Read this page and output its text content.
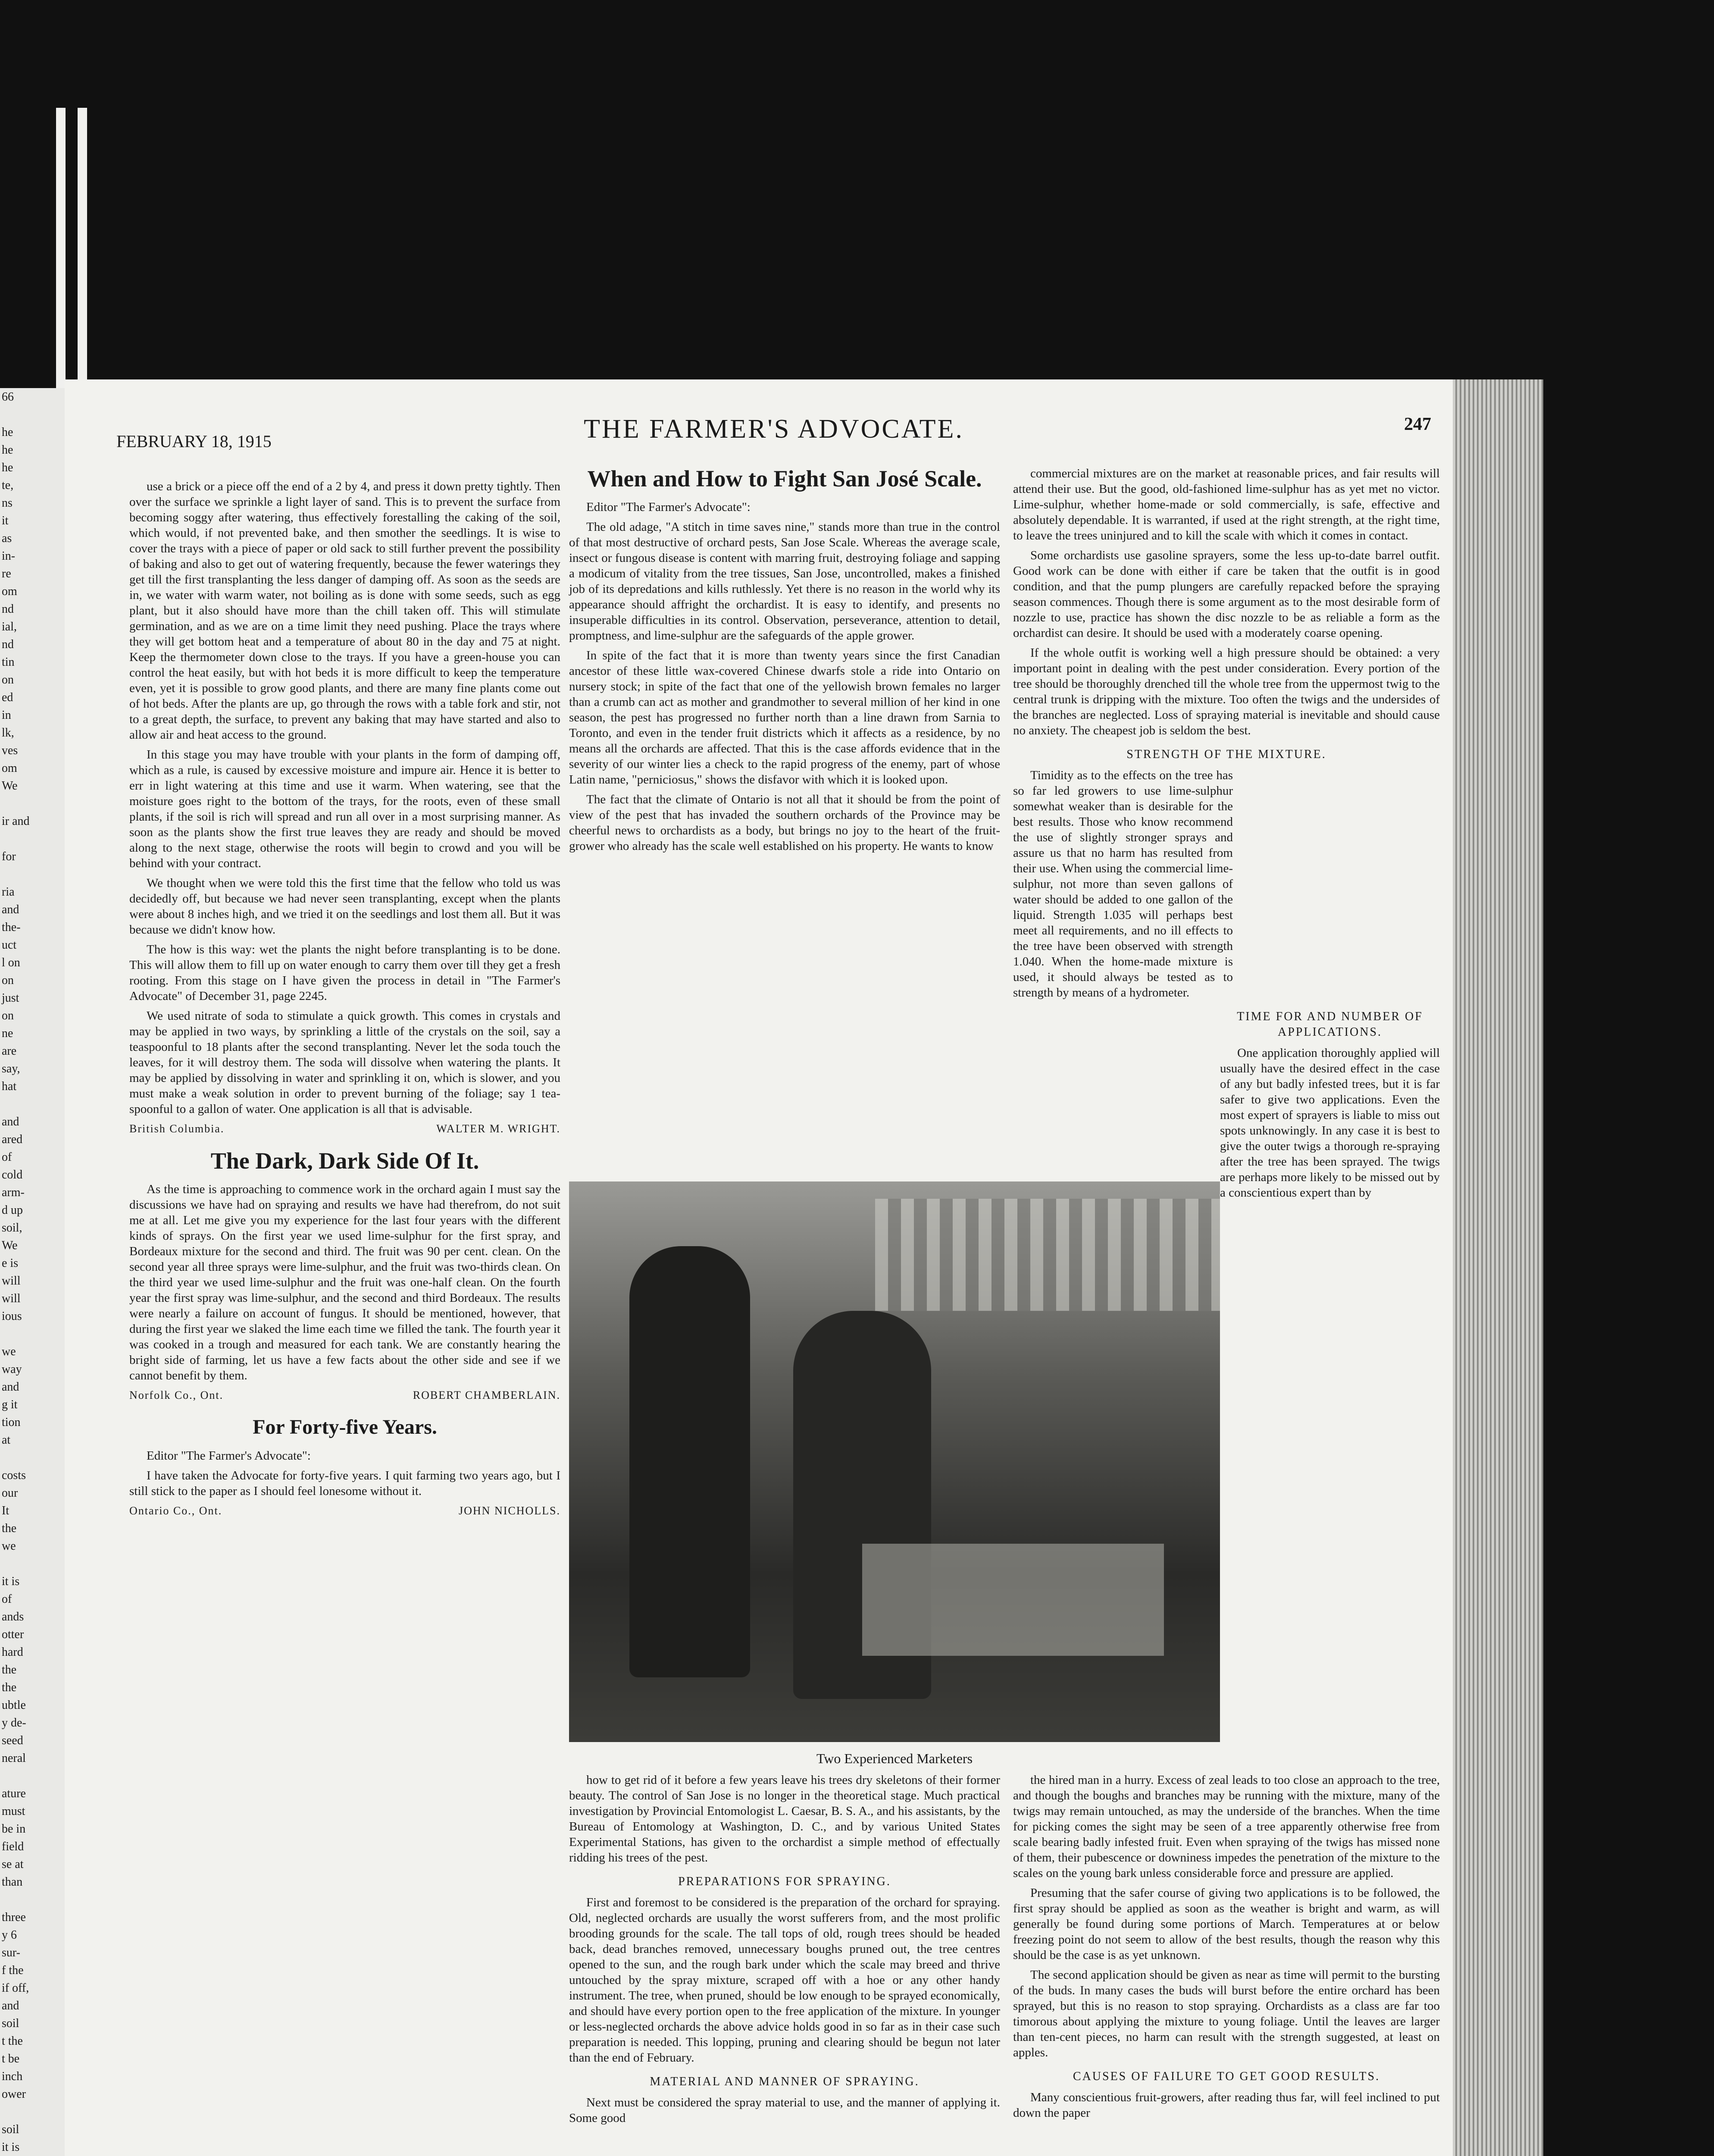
66

he
he
he
te,
ns
it
as
in-
re
om
nd
ial,
nd
tin
on
ed
in
lk,
ves
om
We

ir and

for

ria
and
the-
uct
l on
on
just
on
ne
are
say,
hat

and
ared
of
cold
arm-
d up
soil,
We
e is
will
will
ious

we
way
and
g it
tion
at

costs
our
It
the
we

it is
of
ands
otter
hard
the
the
ubtle
y de-
seed
neral

ature
must
be in
field
se at
than

three
y 6
sur-
f the
if off,
and
soil
t the
t be
inch
ower

soil
it is
FEBRUARY 18, 1915	THE FARMER'S ADVOCATE.	247

use a brick or a piece off the end of a 2 by 4, and press it down pretty tightly. Then over the surface we sprinkle a light layer of sand. This is to prevent the surface from becoming soggy after watering, thus effectively forestalling the caking of the soil, which would, if not prevented bake, and then smother the seedlings. It is wise to cover the trays with a piece of paper or old sack to still further prevent the possibility of baking and also to get out of watering frequently, because the fewer waterings they get till the first transplanting the less danger of damping off. As soon as the seeds are in, we water with warm water, not boiling as is done with some seeds, such as egg plant, but it also should have more than the chill taken off. This will stimulate germination, and as we are on a time limit they need pushing. Place the trays where they will get bottom heat and a temperature of about 80 in the day and 75 at night. Keep the thermometer down close to the trays. If you have a green-house you can control the heat easily, but with hot beds it is more difficult to keep the temperature even, yet it is possible to grow good plants, and there are many fine plants come out of hot beds. After the plants are up, go through the rows with a table fork and stir, not to a great depth, the surface, to prevent any baking that may have started and also to allow air and heat access to the ground.

In this stage you may have trouble with your plants in the form of damping off, which as a rule, is caused by excessive moisture and impure air. Hence it is better to err in light watering at this time and use it warm. When watering, see that the moisture goes right to the bottom of the trays, for the roots, even of these small plants, if the soil is rich will spread and run all over in a most surprising manner. As soon as the plants show the first true leaves they are ready and should be moved along to the next stage, otherwise the roots will begin to crowd and you will be behind with your contract.

We thought when we were told this the first time that the fellow who told us was decidedly off, but because we had never seen transplanting, except when the plants were about 8 inches high, and we tried it on the seedlings and lost them all. But it was because we didn't know how.

The how is this way: wet the plants the night before transplanting is to be done. This will allow them to fill up on water enough to carry them over till they get a fresh rooting. From this stage on I have given the process in detail in "The Farmer's Advocate" of December 31, page 2245.

We used nitrate of soda to stimulate a quick growth. This comes in crystals and may be applied in two ways, by sprinkling a little of the crystals on the soil, say a teaspoonful to 18 plants after the second transplanting. Never let the soda touch the leaves, for it will destroy them. The soda will dissolve when watering the plants. It may be applied by dissolving in water and sprinkling it on, which is slower, and you must make a weak solution in order to prevent burning of the foliage; say 1 tea-spoonful to a gallon of water. One application is all that is advisable.

British Columbia.	WALTER M. WRIGHT.
The Dark, Dark Side Of It.

As the time is approaching to commence work in the orchard again I must say the discussions we have had on spraying and results we have had therefrom, do not suit me at all. Let me give you my experience for the last four years with the different kinds of sprays. On the first year we used lime-sulphur for the first spray, and Bordeaux mixture for the second and third. The fruit was 90 per cent. clean. On the second year all three sprays were lime-sulphur, and the fruit was two-thirds clean. On the third year we used lime-sulphur and the fruit was one-half clean. On the fourth year the first spray was lime-sulphur, and the second and third Bordeaux. The results were nearly a failure on account of fungus. It should be mentioned, however, that during the first year we slaked the lime each time we filled the tank. The fourth year it was cooked in a trough and measured for each tank. We are constantly hearing the bright side of farming, let us have a few facts about the other side and see if we cannot benefit by them.

Norfolk Co., Ont.	ROBERT CHAMBERLAIN.
For Forty-five Years.

Editor "The Farmer's Advocate":

I have taken the Advocate for forty-five years. I quit farming two years ago, but I still stick to the paper as I should feel lonesome without it.

Ontario Co., Ont.	JOHN NICHOLLS.
When and How to Fight San José Scale.

Editor "The Farmer's Advocate":

The old adage, "A stitch in time saves nine," stands more than true in the control of that most destructive of orchard pests, San Jose Scale. Whereas the average scale, insect or fungous disease is content with marring fruit, destroying foliage and sapping a modicum of vitality from the tree tissues, San Jose, uncontrolled, makes a finished job of its depredations and kills ruthlessly. Yet there is no reason in the world why its appearance should affright the orchardist. It is easy to identify, and presents no insuperable difficulties in its control. Observation, perseverance, attention to detail, promptness, and lime-sulphur are the safeguards of the apple grower.

In spite of the fact that it is more than twenty years since the first Canadian ancestor of these little wax-covered Chinese dwarfs stole a ride into Ontario on nursery stock; in spite of the fact that one of the yellowish brown females no larger than a crumb can act as mother and grandmother to several million of her kind in one season, the pest has progressed no further north than a line drawn from Sarnia to Toronto, and even in the tender fruit districts which it affects as a residence, by no means all the orchards are affected. That this is the case affords evidence that in the severity of our winter lies a check to the rapid progress of the enemy, part of whose Latin name, "perniciosus," shows the disfavor with which it is looked upon.

The fact that the climate of Ontario is not all that it should be from the point of view of the pest that has invaded the southern orchards of the Province may be cheerful news to orchardists as a body, but brings no joy to the heart of the fruit-grower who already has the scale well established on his property. He wants to know

commercial mixtures are on the market at reasonable prices, and fair results will attend their use. But the good, old-fashioned lime-sulphur has as yet met no victor. Lime-sulphur, whether home-made or sold commercially, is safe, effective and absolutely dependable. It is warranted, if used at the right strength, at the right time, to leave the trees uninjured and to kill the scale with which it comes in contact.

Some orchardists use gasoline sprayers, some the less up-to-date barrel outfit. Good work can be done with either if care be taken that the outfit is in good condition, and that the pump plungers are carefully repacked before the spraying season commences. Though there is some argument as to the most desirable form of nozzle to use, practice has shown the disc nozzle to be as reliable a form as the orchardist can desire. It should be used with a moderately coarse opening.

If the whole outfit is working well a high pressure should be obtained: a very important point in dealing with the pest under consideration. Every portion of the tree should be thoroughly drenched till the whole tree from the uppermost twig to the central trunk is dripping with the mixture. Too often the twigs and the undersides of the branches are neglected. Loss of spraying material is inevitable and should cause no anxiety. The cheapest job is seldom the best.

STRENGTH OF THE MIXTURE.

Timidity as to the effects on the tree has so far led growers to use lime-sulphur somewhat weaker than is desirable for the best results. Those who know recommend the use of slightly stronger sprays and assure us that no harm has resulted from their use. When using the commercial lime-sulphur, not more than seven gallons of water should be added to one gallon of the liquid. Strength 1.035 will perhaps best meet all requirements, and no ill effects to the tree have been observed with strength 1.040. When the home-made mixture is used, it should always be tested as to strength by means of a hydrometer.

TIME FOR AND NUMBER OF APPLICATIONS.

One application thoroughly applied will usually have the desired effect in the case of any but badly infested trees, but it is far safer to give two applications. Even the most expert of sprayers is liable to miss out spots unknowingly. In any case it is best to give the outer twigs a thorough re-spraying after the tree has been sprayed. The twigs are perhaps more likely to be missed out by a conscientious expert than by

Two Experienced Marketers

how to get rid of it before a few years leave his trees dry skeletons of their former beauty. The control of San Jose is no longer in the theoretical stage. Much practical investigation by Provincial Entomologist L. Caesar, B. S. A., and his assistants, by the Bureau of Entomology at Washington, D. C., and by various United States Experimental Stations, has given to the orchardist a simple method of effectually ridding his trees of the pest.

PREPARATIONS FOR SPRAYING.

First and foremost to be considered is the preparation of the orchard for spraying. Old, neglected orchards are usually the worst sufferers from, and the most prolific brooding grounds for the scale. The tall tops of old, rough trees should be headed back, dead branches removed, unnecessary boughs pruned out, the tree centres opened to the sun, and the rough bark under which the scale may breed and thrive untouched by the spray mixture, scraped off with a hoe or any other handy instrument. The tree, when pruned, should be low enough to be sprayed economically, and should have every portion open to the free application of the mixture. In younger or less-neglected orchards the above advice holds good in so far as in their case such preparation is needed. This lopping, pruning and clearing should be begun not later than the end of February.

MATERIAL AND MANNER OF SPRAYING.

Next must be considered the spray material to use, and the manner of applying it. Some good

the hired man in a hurry. Excess of zeal leads to too close an approach to the tree, and though the boughs and branches may be running with the mixture, many of the twigs may remain untouched, as may the underside of the branches. When the time for picking comes the sight may be seen of a tree apparently otherwise free from scale bearing badly infested fruit. Even when spraying of the twigs has missed none of them, their pubescence or downiness impedes the penetration of the mixture to the scales on the young bark unless considerable force and pressure are applied.

Presuming that the safer course of giving two applications is to be followed, the first spray should be applied as soon as the weather is bright and warm, as will generally be found during some portions of March. Temperatures at or below freezing point do not seem to allow of the best results, though the reason why this should be the case is as yet unknown.

The second application should be given as near as time will permit to the bursting of the buds. In many cases the buds will burst before the entire orchard has been sprayed, but this is no reason to stop spraying. Orchardists as a class are far too timorous about applying the mixture to young foliage. Until the leaves are larger than ten-cent pieces, no harm can result with the strength suggested, at least on apples.

CAUSES OF FAILURE TO GET GOOD RESULTS.

Many conscientious fruit-growers, after reading thus far, will feel inclined to put down the paper
